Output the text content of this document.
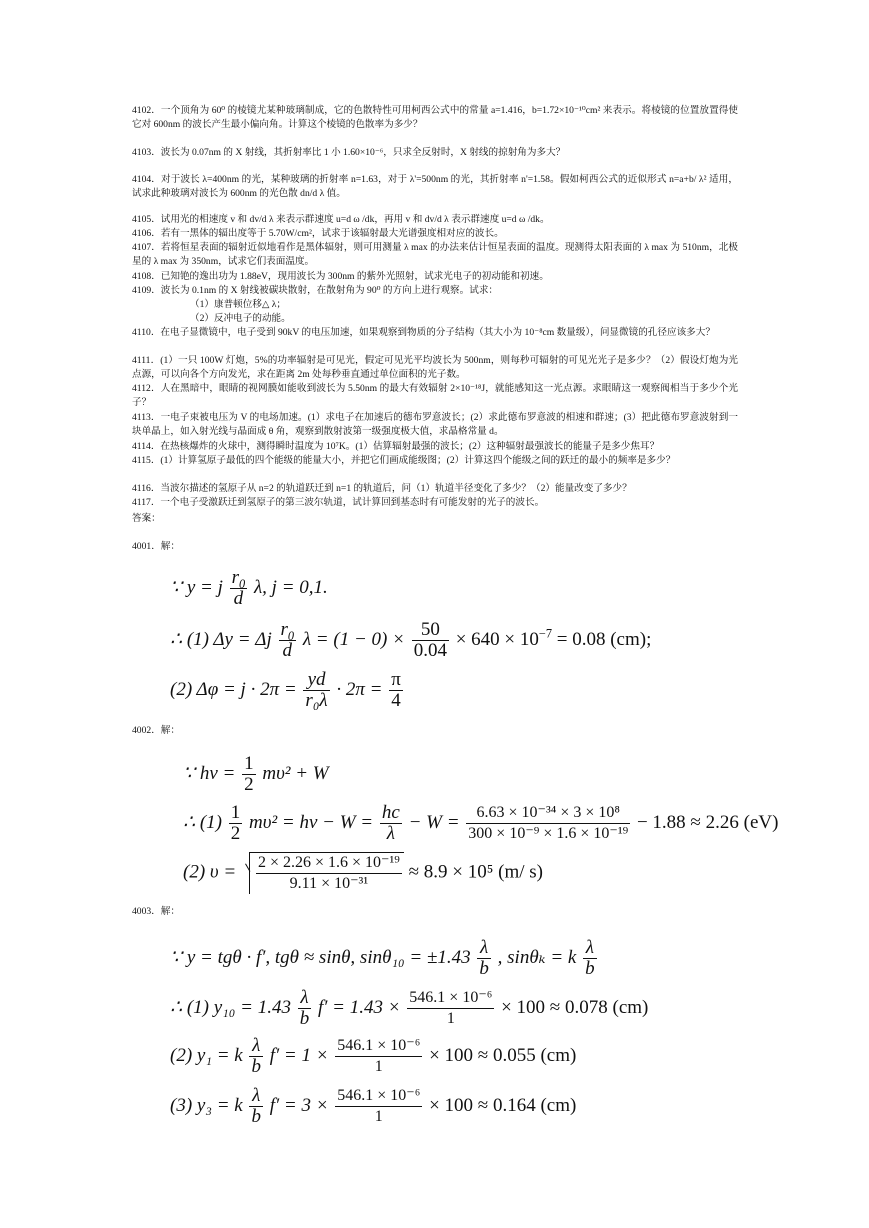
4102．一个顶角为 60⁰ 的棱镜尤某种玻璃制成，它的色散特性可用柯西公式中的常量 a=1.416，b=1.72×10⁻¹⁰cm² 来表示。将棱镜的位置放置得使它对 600nm 的波长产生最小偏向角。计算这个棱镜的色散率为多少？
4103．波长为 0.07nm 的 X 射线，其折射率比 1 小 1.60×10⁻⁶，只求全反射时，X 射线的掠射角为多大？
4104．对于波长 λ=400nm 的光，某种玻璃的折射率 n=1.63，对于 λ'=500nm 的光，其折射率 n'=1.58。假如柯西公式的近似形式 n=a+b/ λ² 适用，试求此种玻璃对波长为 600nm 的光色散 dn/d λ 值。
4105．试用光的相速度 v 和 dv/d λ 来表示群速度 u=d ω /dk，再用 v 和 dv/d λ 表示群速度 u=d ω /dk。
4106．若有一黑体的辐出度等于 5.70W/cm²，试求于该辐射最大光谱强度相对应的波长。
4107．若将恒星表面的辐射近似地看作是黑体辐射，则可用测量 λ max 的办法来估计恒星表面的温度。现测得太阳表面的 λ max 为 510nm，北极星的 λ max 为 350nm，试求它们表面温度。
4108．已知铯的逸出功为 1.88eV，现用波长为 300nm 的紫外光照射，试求光电子的初动能和初速。
4109．波长为 0.1nm 的 X 射线被碳块散射，在散射角为 90⁰ 的方向上进行观察。试求：
（1）康普顿位移△ λ；
（2）反冲电子的动能。
4110．在电子显微镜中，电子受到 90kV 的电压加速，如果观察到物质的分子结构（其大小为 10⁻⁸cm 数量级），问显微镜的孔径应该多大？
4111．(1）一只 100W 灯炮，5%的功率辐射是可见光，假定可见光平均波长为 500nm，则每秒可辐射的可见光光子是多少？（2）假设灯炮为光点源，可以向各个方向发光，求在距离 2m 处每秒垂直通过单位面积的光子数。
4112．人在黑暗中，眼睛的视网膜如能收到波长为 5.50nm 的最大有效辐射 2×10⁻¹⁸J，就能感知这一光点源。求眼睛这一观察阀相当于多少个光子？
4113．一电子束被电压为 V 的电场加速。(1）求电子在加速后的德布罗意波长；(2）求此德布罗意波的相速和群速；(3）把此德布罗意波射到一块单晶上，如入射光线与晶面成 θ 角，观察到散射波第一级强度极大值，求晶格常量 d。
4114．在热核爆炸的火球中，测得瞬时温度为 10⁷K。(1）估算辐射最强的波长；(2）这种辐射最强波长的能量子是多少焦耳？
4115．(1）计算氢原子最低的四个能级的能量大小，并把它们画成能级图；(2）计算这四个能级之间的跃迁的最小的频率是多少？
4116．当波尔描述的氢原子从 n=2 的轨道跃迁到 n=1 的轨道后，问（1）轨道半径变化了多少？（2）能量改变了多少？
4117．一个电子受激跃迁到氢原子的第三波尔轨道，试计算回到基态时有可能发射的光子的波长。
答案：
4001．解：
∵ y = j $\frac{r_0}{d} \lambda$, j = 0,1.
∴ (1) Δy = Δj $\frac{r_0}{d}$ $\lambda = (1 - 0) \times \frac{50}{0.04} \times 640 \times 10^{-7} = 0.08$ (cm);
(2) $\Delta\varphi = j \cdot 2\pi = \frac{yd}{\text{r₀λ}} \cdot 2\pi = \frac{\pi}{4}$
4002．解：
∵ $h\nu = \frac{1}{2} m\upsilon^2 + W$
∴ $(1) \frac{1}{2} m\upsilon^2 = h\nu - W = \frac{hc}{\lambda} - W = \frac{\text{6.63 × 10⁻³⁴ × 3 × 10⁸}}{\text{300 × 10⁻⁹ × 1.6 × 10⁻¹⁹}} - 1.88 \approx 2.26$ (eV)
(2) $\upsilon = \frac{\text{2 × 2.26 × 1.6 × 10⁻¹⁹}}{\text{9.11 × 10⁻³¹}} \approx 8.9 \times 10^5$ (m/ s)
4003．解：
∵ y = tgθ · f′, tgθ ≈ sinθ, $\sin\theta_{10} = \pm 1.43 \frac{\lambda}{b}$ , sinθₖ = k $\frac{\lambda}{b}$
∴ (1) $y_{10} = 1.43 \frac{\lambda}{b} f' = 1.43 \times \frac{\text{546.1 × 10⁻⁶}}{1} \times 100 \approx 0.078$ (cm)
(2) y₁ = k $\frac{\lambda}{b} f' = 1 \times \frac{\text{546.1 × 10⁻⁶}}{1} \times 100 \approx 0.055$ (cm)
(3) y₃ = k $\frac{\lambda}{b} f' = 3 \times \frac{\text{546.1 × 10⁻⁶}}{1} \times 100 \approx 0.164$ (cm)
